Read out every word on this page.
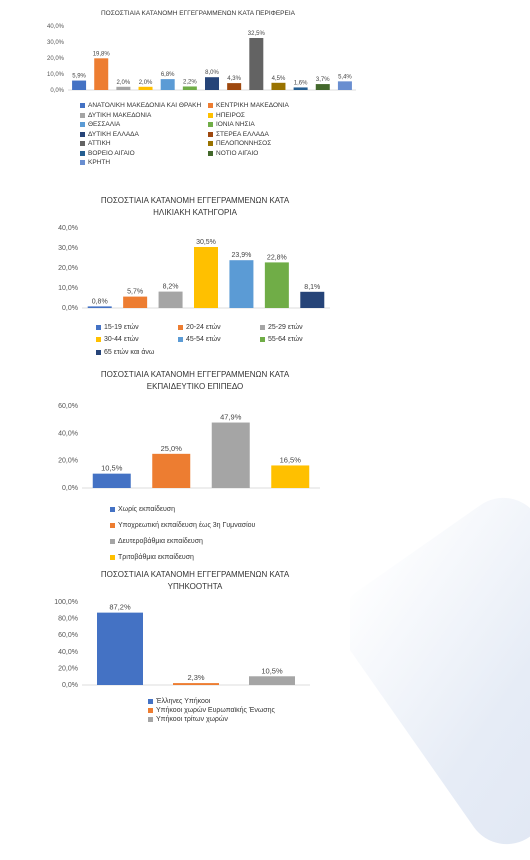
ΠΟΣΟΣΤΙΑΙΑ ΚΑΤΑΝΟΜΗ ΕΓΓΕΓΡΑΜΜΕΝΩΝ ΚΑΤΑ ΠΕΡΙΦΕΡΕΙΑ
40,0%
30,0%
20,0%
10,0%
0,0%
5,9%
19,8%
2,0% 2,0%
6,8%
2,2%
8,0%
4,3%
32,5%
4,5%
1,6%
3,7% 5,4%
ΑΝΑΤΟΛΙΚΗ ΜΑΚΕΔΟΝΙΑ ΚΑΙ ΘΡΑΚΗ ΚΕΝΤΡΙΚΗ ΜΑΚΕΔΟΝΙΑ
ΔΥΤΙΚΗ ΜΑΚΕΔΟΝΙΑ	ΗΠΕΙΡΟΣ
ΘΕΣΣΑΛΙΑ	ΙΟΝΙΑ ΝΗΣΙΑ
ΔΥΤΙΚΗ ΕΛΛΑΔΑ	ΣΤΕΡΕΑ ΕΛΛΑΔΑ
ΑΤΤΙΚΗ	ΠΕΛΟΠΟΝΝΗΣΟΣ
ΒΟΡΕΙΟ ΑΙΓΑΙΟ	ΝΟΤΙΟ ΑΙΓΑΙΟ
ΚΡΗΤΗ
ΠΟΣΟΣΤΙΑΙΑ ΚΑΤΑΝΟΜΗ ΕΓΓΕΓΡΑΜΜΕΝΩΝ ΚΑΤΑ
ΗΛΙΚΙΑΚΗ ΚΑΤΗΓΟΡΙΑ
40,0%
30,0%
20,0%
10,0%
0,0%
0,8%
5,7%
8,2%
30,5%
23,9% 22,8%
8,1%
15-19 ετών	20-24 ετών	25-29 ετών
30-44 ετών	45-54 ετών	55-64 ετών
65 ετών και άνω
ΠΟΣΟΣΤΙΑΙΑ ΚΑΤΑΝΟΜΗ ΕΓΓΕΓΡΑΜΜΕΝΩΝ ΚΑΤΑ
ΕΚΠΑΙΔΕΥΤΙΚΟ ΕΠΙΠΕΔΟ
60,0%
40,0%
20,0%
0,0%
10,5%
25,0%
47,9%
16,5%
Χωρίς εκπαίδευση
Υποχρεωτική εκπαίδευση έως 3η Γυμνασίου
Δευτεροβάθμια εκπαίδευση
Τριτοβάθμια εκπαίδευση
ΠΟΣΟΣΤΙΑΙΑ ΚΑΤΑΝΟΜΗ ΕΓΓΕΓΡΑΜΜΕΝΩΝ ΚΑΤΑ
ΥΠΗΚΟΟΤΗΤΑ
100,0%
80,0%
60,0%
40,0%
20,0%
0,0%
87,2%
2,3%
10,5%
Έλληνες Υπήκοοι
Υπήκοοι χωρών Ευρωπαϊκής Ένωσης
Υπήκοοι τρίτων χωρών
